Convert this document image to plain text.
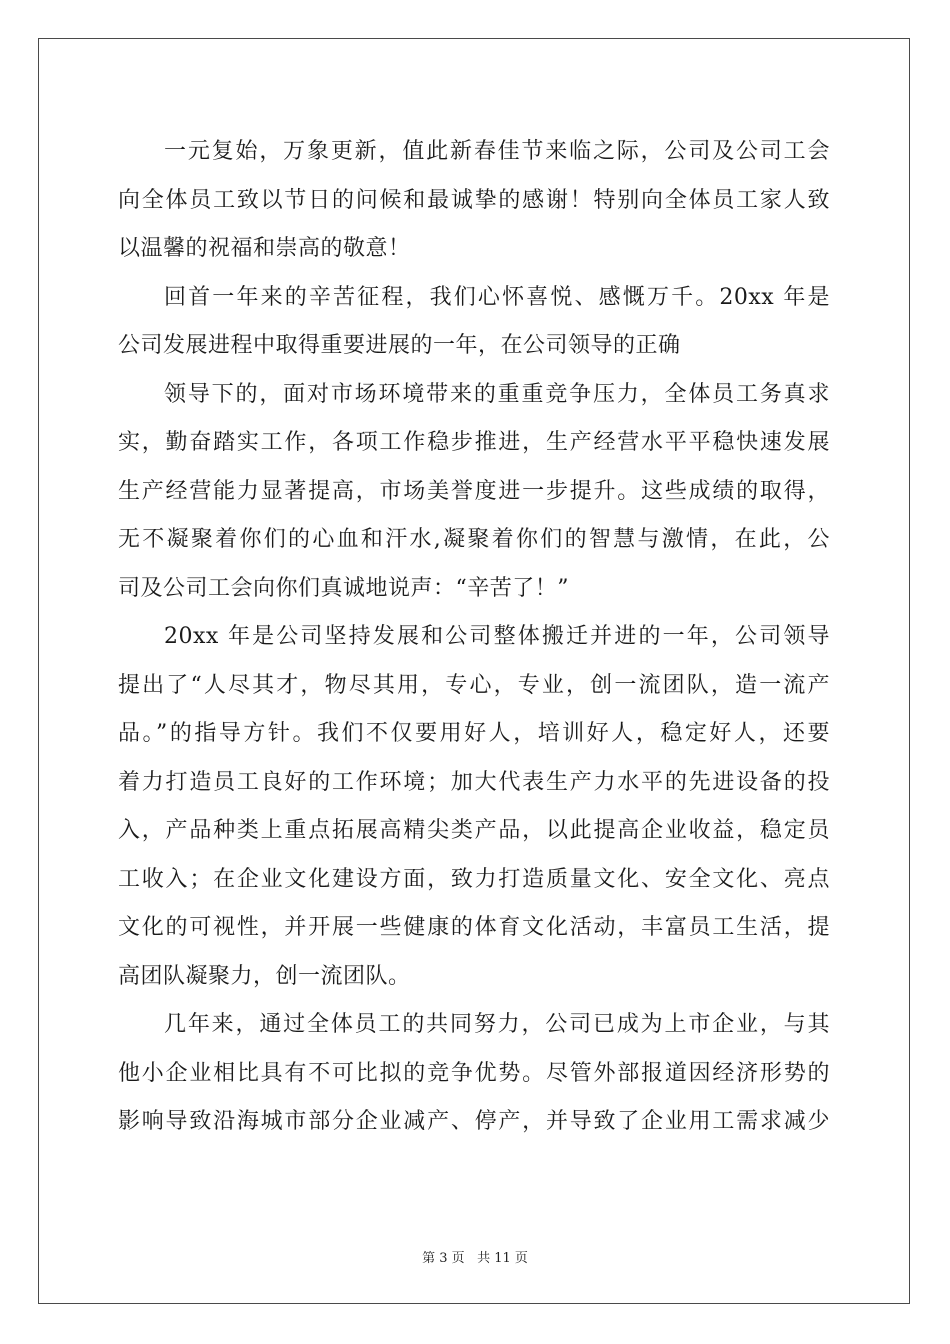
一元复始，万象更新，值此新春佳节来临之际，公司及公司工会
向全体员工致以节日的问候和最诚挚的感谢！特别向全体员工家人致
以温馨的祝福和崇高的敬意！
回首一年来的辛苦征程，我们心怀喜悦、感慨万千。20xx 年是
公司发展进程中取得重要进展的一年，在公司领导的正确
领导下的，面对市场环境带来的重重竞争压力，全体员工务真求
实，勤奋踏实工作，各项工作稳步推进，生产经营水平平稳快速发展
生产经营能力显著提高，市场美誉度进一步提升。这些成绩的取得，
无不凝聚着你们的心血和汗水,凝聚着你们的智慧与激情，在此，公
司及公司工会向你们真诚地说声：“辛苦了！”
20xx 年是公司坚持发展和公司整体搬迁并进的一年，公司领导
提出了“人尽其才，物尽其用，专心，专业，创一流团队，造一流产
品。”的指导方针。我们不仅要用好人，培训好人，稳定好人，还要
着力打造员工良好的工作环境；加大代表生产力水平的先进设备的投
入，产品种类上重点拓展高精尖类产品，以此提高企业收益，稳定员
工收入；在企业文化建设方面，致力打造质量文化、安全文化、亮点
文化的可视性，并开展一些健康的体育文化活动，丰富员工生活，提
高团队凝聚力，创一流团队。
几年来，通过全体员工的共同努力，公司已成为上市企业，与其
他小企业相比具有不可比拟的竞争优势。尽管外部报道因经济形势的
影响导致沿海城市部分企业减产、停产，并导致了企业用工需求减少
第 3 页 共 11 页
